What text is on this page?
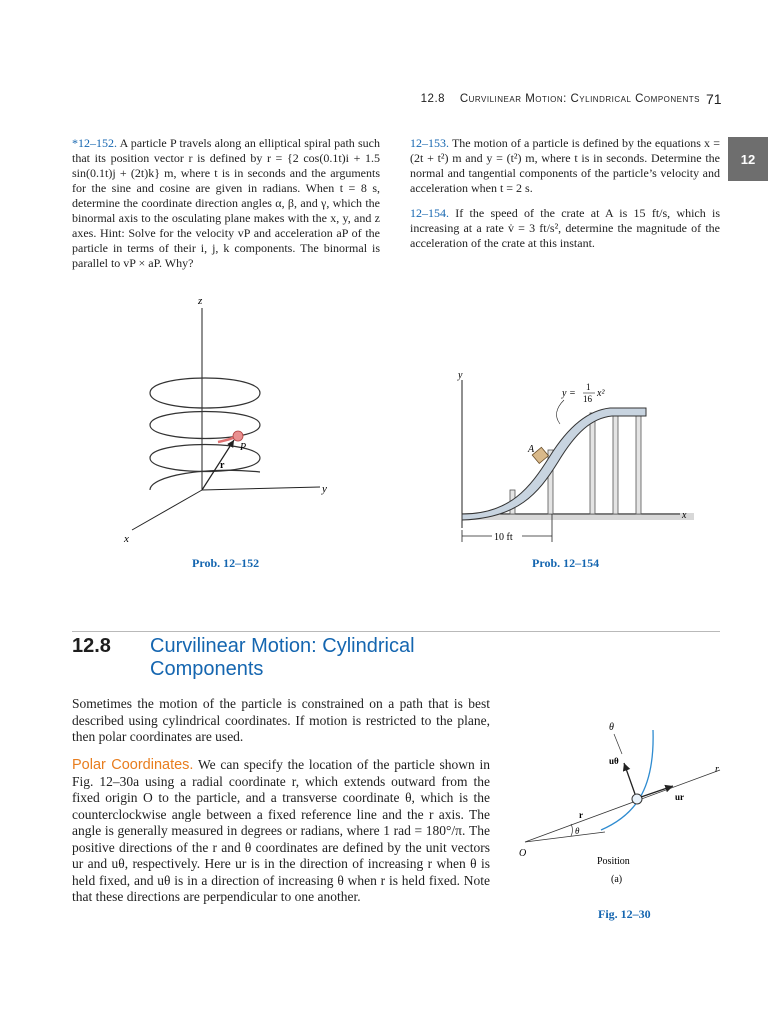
12.8 Curvilinear Motion: Cylindrical Components 71
12
*12–152. A particle P travels along an elliptical spiral path such that its position vector r is defined by r = {2 cos(0.1t)i + 1.5 sin(0.1t)j + (2t)k} m, where t is in seconds and the arguments for the sine and cosine are given in radians. When t = 8 s, determine the coordinate direction angles α, β, and γ, which the binormal axis to the osculating plane makes with the x, y, and z axes. Hint: Solve for the velocity vP and acceleration aP of the particle in terms of their i, j, k components. The binormal is parallel to vP × aP. Why?
12–153. The motion of a particle is defined by the equations x = (2t + t²) m and y = (t²) m, where t is in seconds. Determine the normal and tangential components of the particle’s velocity and acceleration when t = 2 s.
12–154. If the speed of the crate at A is 15 ft/s, which is increasing at a rate v̇ = 3 ft/s², determine the magnitude of the acceleration of the crate at this instant.
z
y
x
r
P
Prob. 12–152
y
x
A
y =
1
16 x²
10 ft
Prob. 12–154
12.8 Curvilinear Motion: Cylindrical Components
Sometimes the motion of the particle is constrained on a path that is best described using cylindrical coordinates. If motion is restricted to the plane, then polar coordinates are used.
Polar Coordinates. We can specify the location of the particle shown in Fig. 12–30a using a radial coordinate r, which extends outward from the fixed origin O to the particle, and a transverse coordinate θ, which is the counterclockwise angle between a fixed reference line and the r axis. The angle is generally measured in degrees or radians, where 1 rad = 180°/π. The positive directions of the r and θ coordinates are defined by the unit vectors ur and uθ, respectively. Here ur is in the direction of increasing r when θ is held fixed, and uθ is in a direction of increasing θ when r is held fixed. Note that these directions are perpendicular to one another.
r
θ
r
ur
uθ
θ
O
Position
(a)
Fig. 12–30
